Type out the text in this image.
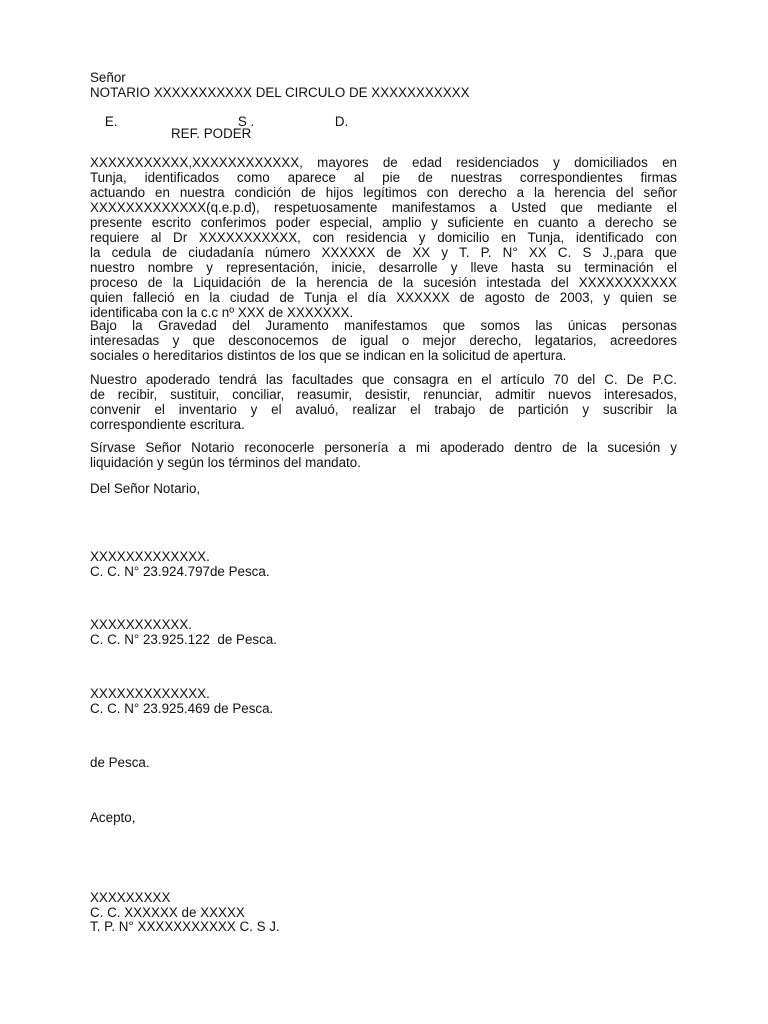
Señor
NOTARIO XXXXXXXXXXX DEL CIRCULO DE XXXXXXXXXXX

E.	S .	D.

REF. PODER
XXXXXXXXXXX,XXXXXXXXXXXX, mayores de edad residenciados y domiciliados en
Tunja, identificados como aparece al pie de nuestras correspondientes firmas
actuando en nuestra condición de hijos legítimos con derecho a la herencia del señor
XXXXXXXXXXXXX(q.e.p.d), respetuosamente manifestamos a Usted que mediante el
presente escrito conferimos poder especial, amplio y suficiente en cuanto a derecho se
requiere al Dr XXXXXXXXXXX, con residencia y domicilio en Tunja, identificado con
la cedula de ciudadanía número XXXXXX de XX y T. P. N° XX C. S J.,para que
nuestro nombre y representación, inicie, desarrolle y lleve hasta su terminación el
proceso de la Liquidación de la herencia de la sucesión intestada del XXXXXXXXXXX
quien falleció en la ciudad de Tunja el día XXXXXX de agosto de 2003, y quien se
identificaba con la c.c nº XXX de XXXXXXX.
Bajo la Gravedad del Juramento manifestamos que somos las únicas personas
interesadas y que desconocemos de igual o mejor derecho, legatarios, acreedores
sociales o hereditarios distintos de los que se indican en la solicitud de apertura.
Nuestro apoderado tendrá las facultades que consagra en el artículo 70 del C. De P.C.
de recibir, sustituir, conciliar, reasumir, desistir, renunciar, admitir nuevos interesados,
convenir el inventario y el avaluó, realizar el trabajo de partición y suscribir la
correspondiente escritura.
Sírvase Señor Notario reconocerle personería a mi apoderado dentro de la sucesión y
liquidación y según los términos del mandato.
Del Señor Notario,
XXXXXXXXXXXXX.
C. C. N° 23.924.797de Pesca.
XXXXXXXXXXX.
C. C. N° 23.925.122  de Pesca.
XXXXXXXXXXXXX.
C. C. N° 23.925.469 de Pesca.
de Pesca.
Acepto,
XXXXXXXXX
C. C. XXXXXX de XXXXX
T. P. N° XXXXXXXXXXX C. S J.
